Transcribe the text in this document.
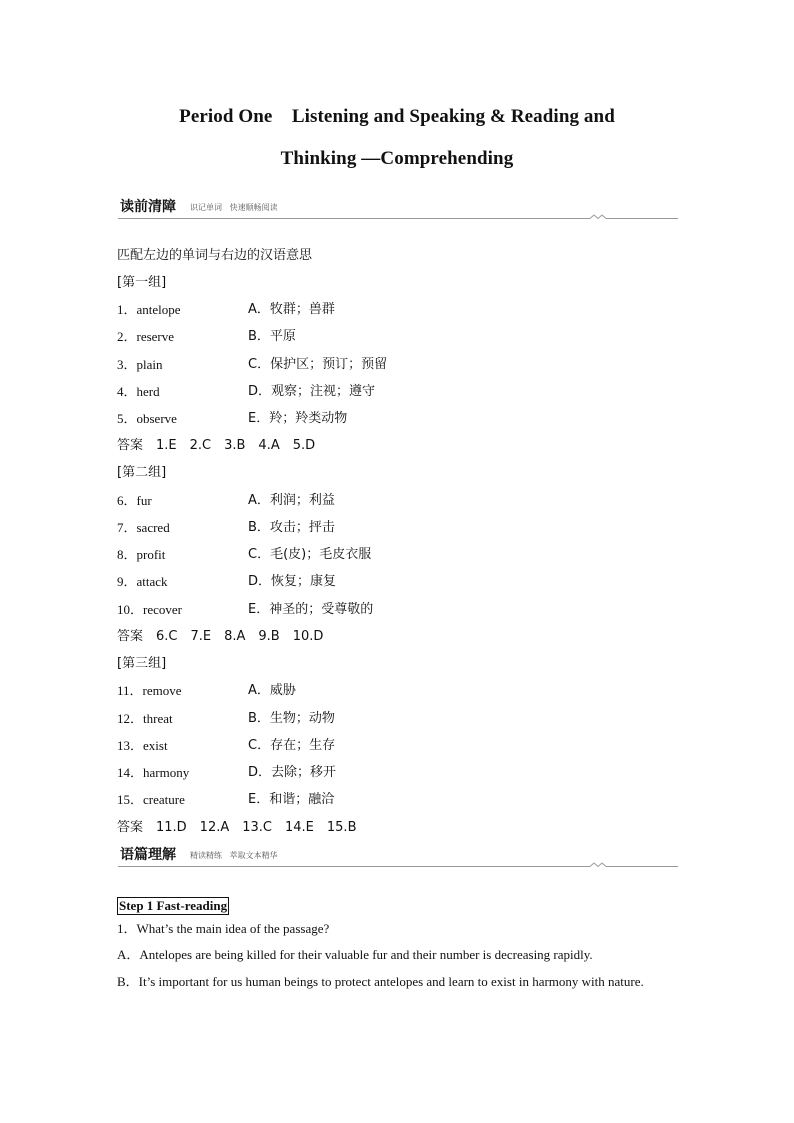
Period One    Listening and Speaking & Reading and
Thinking —Comprehending
读前清障 识记单词   快速顺畅阅读
匹配左边的单词与右边的汉语意思
[第一组]
1．antelope	A．牧群；兽群
2．reserve	B．平原
3．plain	C．保护区；预订；预留
4．herd	D．观察；注视；遵守
5．observe	E．羚；羚类动物
答案　1.E　2.C　3.B　4.A　5.D
[第二组]
6．fur	A．利润；利益
7．sacred	B．攻击；抨击
8．profit	C．毛(皮)；毛皮衣服
9．attack	D．恢复；康复
10．recover	E．神圣的；受尊敬的
答案　6.C　7.E　8.A　9.B　10.D
[第三组]
11．remove	A．威胁
12．threat	B．生物；动物
13．exist	C．存在；生存
14．harmony	D．去除；移开
15．creature	E．和谐；融洽
答案　11.D　12.A　13.C　14.E　15.B
语篇理解 精读精练   萃取文本精华
Step 1 Fast-reading
1．What’s the main idea of the passage?
A．Antelopes are being killed for their valuable fur and their number is decreasing rapidly.
B．It’s important for us human beings to protect antelopes and learn to exist in harmony with nature.
